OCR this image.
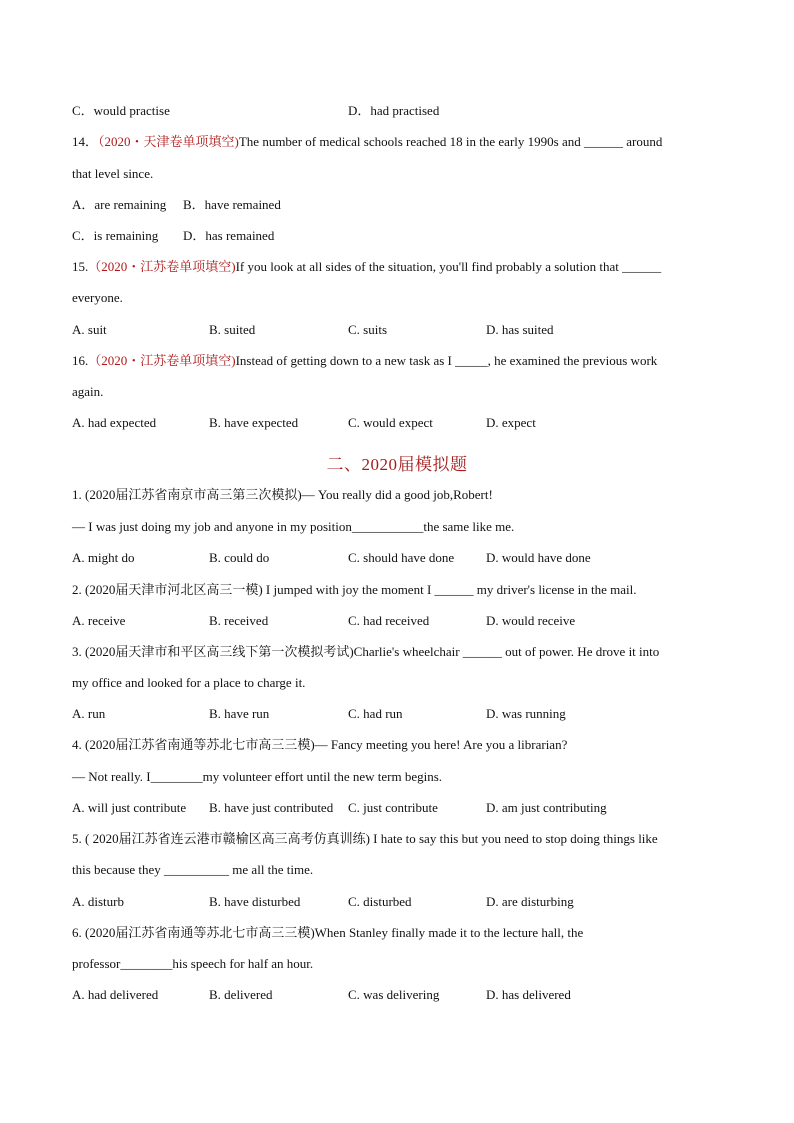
C．would practise	D．had practised
14．（2020・天津卷单项填空)The number of medical schools reached 18 in the early 1990s and ______ around
that level since.
A．are remaining B．have remained
C．is remaining D．has remained
15.（2020・江苏卷单项填空)If you look at all sides of the situation, you'll find probably a solution that ______
everyone.
A. suit	B. suited	C. suits	D. has suited
16.（2020・江苏卷单项填空)Instead of getting down to a new task as I _____, he examined the previous work
again.
A. had expected	B. have expected	C. would expect	D. expect
二、2020届模拟题
1. (2020届江苏省南京市高三第三次模拟)— You really did a good job,Robert!
— I was just doing my job and anyone in my position___________the same like me.
A. might do	B. could do	C. should have done D. would have done
2. (2020届天津市河北区高三一模) I jumped with joy the moment I ______ my driver's license in the mail.
A. receive	B. received	C. had received	D. would receive
3. (2020届天津市和平区高三线下第一次模拟考试)Charlie's wheelchair ______ out of power. He drove it into
my office and looked for a place to charge it.
A. run	B. have run	C. had run	D. was running
4. (2020届江苏省南通等苏北七市高三三模)— Fancy meeting you here! Are you a librarian?
— Not really. I________my volunteer effort until the new term begins.
A. will just contribute B. have just contributed C. just contribute	D. am just contributing
5. ( 2020届江苏省连云港市赣榆区高三高考仿真训练) I hate to say this but you need to stop doing things like
this because they __________ me all the time.
A. disturb	B. have disturbed	C. disturbed	D. are disturbing
6. (2020届江苏省南通等苏北七市高三三模)When Stanley finally made it to the lecture hall, the
professor________his speech for half an hour.
A. had delivered	B. delivered	C. was delivering	D. has delivered
